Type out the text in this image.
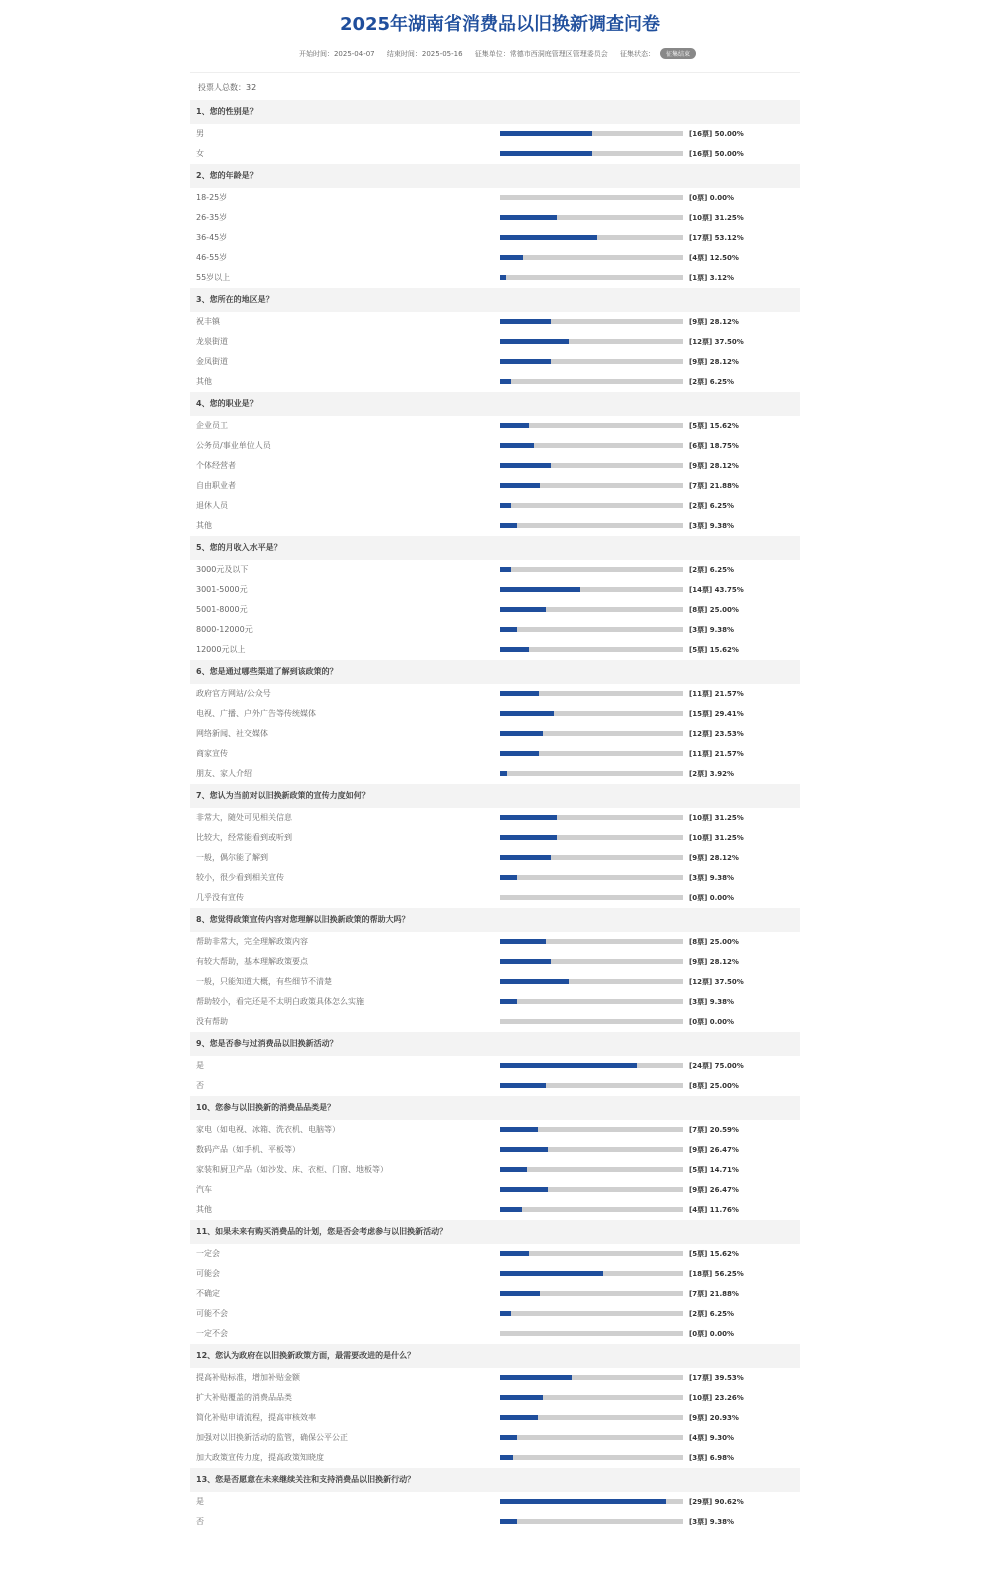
2025年湖南省消费品以旧换新调查问卷
开始时间：2025-04-07 结束时间：2025-05-16 征集单位：常德市西洞庭管理区管理委员会 征集状态： 征集结束
投票人总数：32
1、您的性别是？
男	[16票] 50.00%
女	[16票] 50.00%
2、您的年龄是？
18-25岁	[0票] 0.00%
26-35岁	[10票] 31.25%
36-45岁	[17票] 53.12%
46-55岁	[4票] 12.50%
55岁以上	[1票] 3.12%
3、您所在的地区是？
祝丰镇	[9票] 28.12%
龙泉街道	[12票] 37.50%
金凤街道	[9票] 28.12%
其他	[2票] 6.25%
4、您的职业是？
企业员工	[5票] 15.62%
公务员/事业单位人员	[6票] 18.75%
个体经营者	[9票] 28.12%
自由职业者	[7票] 21.88%
退休人员	[2票] 6.25%
其他	[3票] 9.38%
5、您的月收入水平是？
3000元及以下	[2票] 6.25%
3001-5000元	[14票] 43.75%
5001-8000元	[8票] 25.00%
8000-12000元	[3票] 9.38%
12000元以上	[5票] 15.62%
6、您是通过哪些渠道了解到该政策的？
政府官方网站/公众号	[11票] 21.57%
电视、广播、户外广告等传统媒体	[15票] 29.41%
网络新闻、社交媒体	[12票] 23.53%
商家宣传	[11票] 21.57%
朋友、家人介绍	[2票] 3.92%
7、您认为当前对以旧换新政策的宣传力度如何？
非常大，随处可见相关信息	[10票] 31.25%
比较大，经常能看到或听到	[10票] 31.25%
一般，偶尔能了解到	[9票] 28.12%
较小，很少看到相关宣传	[3票] 9.38%
几乎没有宣传	[0票] 0.00%
8、您觉得政策宣传内容对您理解以旧换新政策的帮助大吗？
帮助非常大，完全理解政策内容	[8票] 25.00%
有较大帮助，基本理解政策要点	[9票] 28.12%
一般，只能知道大概，有些细节不清楚	[12票] 37.50%
帮助较小，看完还是不太明白政策具体怎么实施	[3票] 9.38%
没有帮助	[0票] 0.00%
9、您是否参与过消费品以旧换新活动？
是	[24票] 75.00%
否	[8票] 25.00%
10、您参与以旧换新的消费品品类是？
家电（如电视、冰箱、洗衣机、电脑等）	[7票] 20.59%
数码产品（如手机、平板等）	[9票] 26.47%
家装和厨卫产品（如沙发、床、衣柜、门窗、地板等）	[5票] 14.71%
汽车	[9票] 26.47%
其他	[4票] 11.76%
11、如果未来有购买消费品的计划，您是否会考虑参与以旧换新活动？
一定会	[5票] 15.62%
可能会	[18票] 56.25%
不确定	[7票] 21.88%
可能不会	[2票] 6.25%
一定不会	[0票] 0.00%
12、您认为政府在以旧换新政策方面，最需要改进的是什么？
提高补贴标准，增加补贴金额	[17票] 39.53%
扩大补贴覆盖的消费品品类	[10票] 23.26%
简化补贴申请流程，提高审核效率	[9票] 20.93%
加强对以旧换新活动的监管，确保公平公正	[4票] 9.30%
加大政策宣传力度，提高政策知晓度	[3票] 6.98%
13、您是否愿意在未来继续关注和支持消费品以旧换新行动？
是	[29票] 90.62%
否	[3票] 9.38%
